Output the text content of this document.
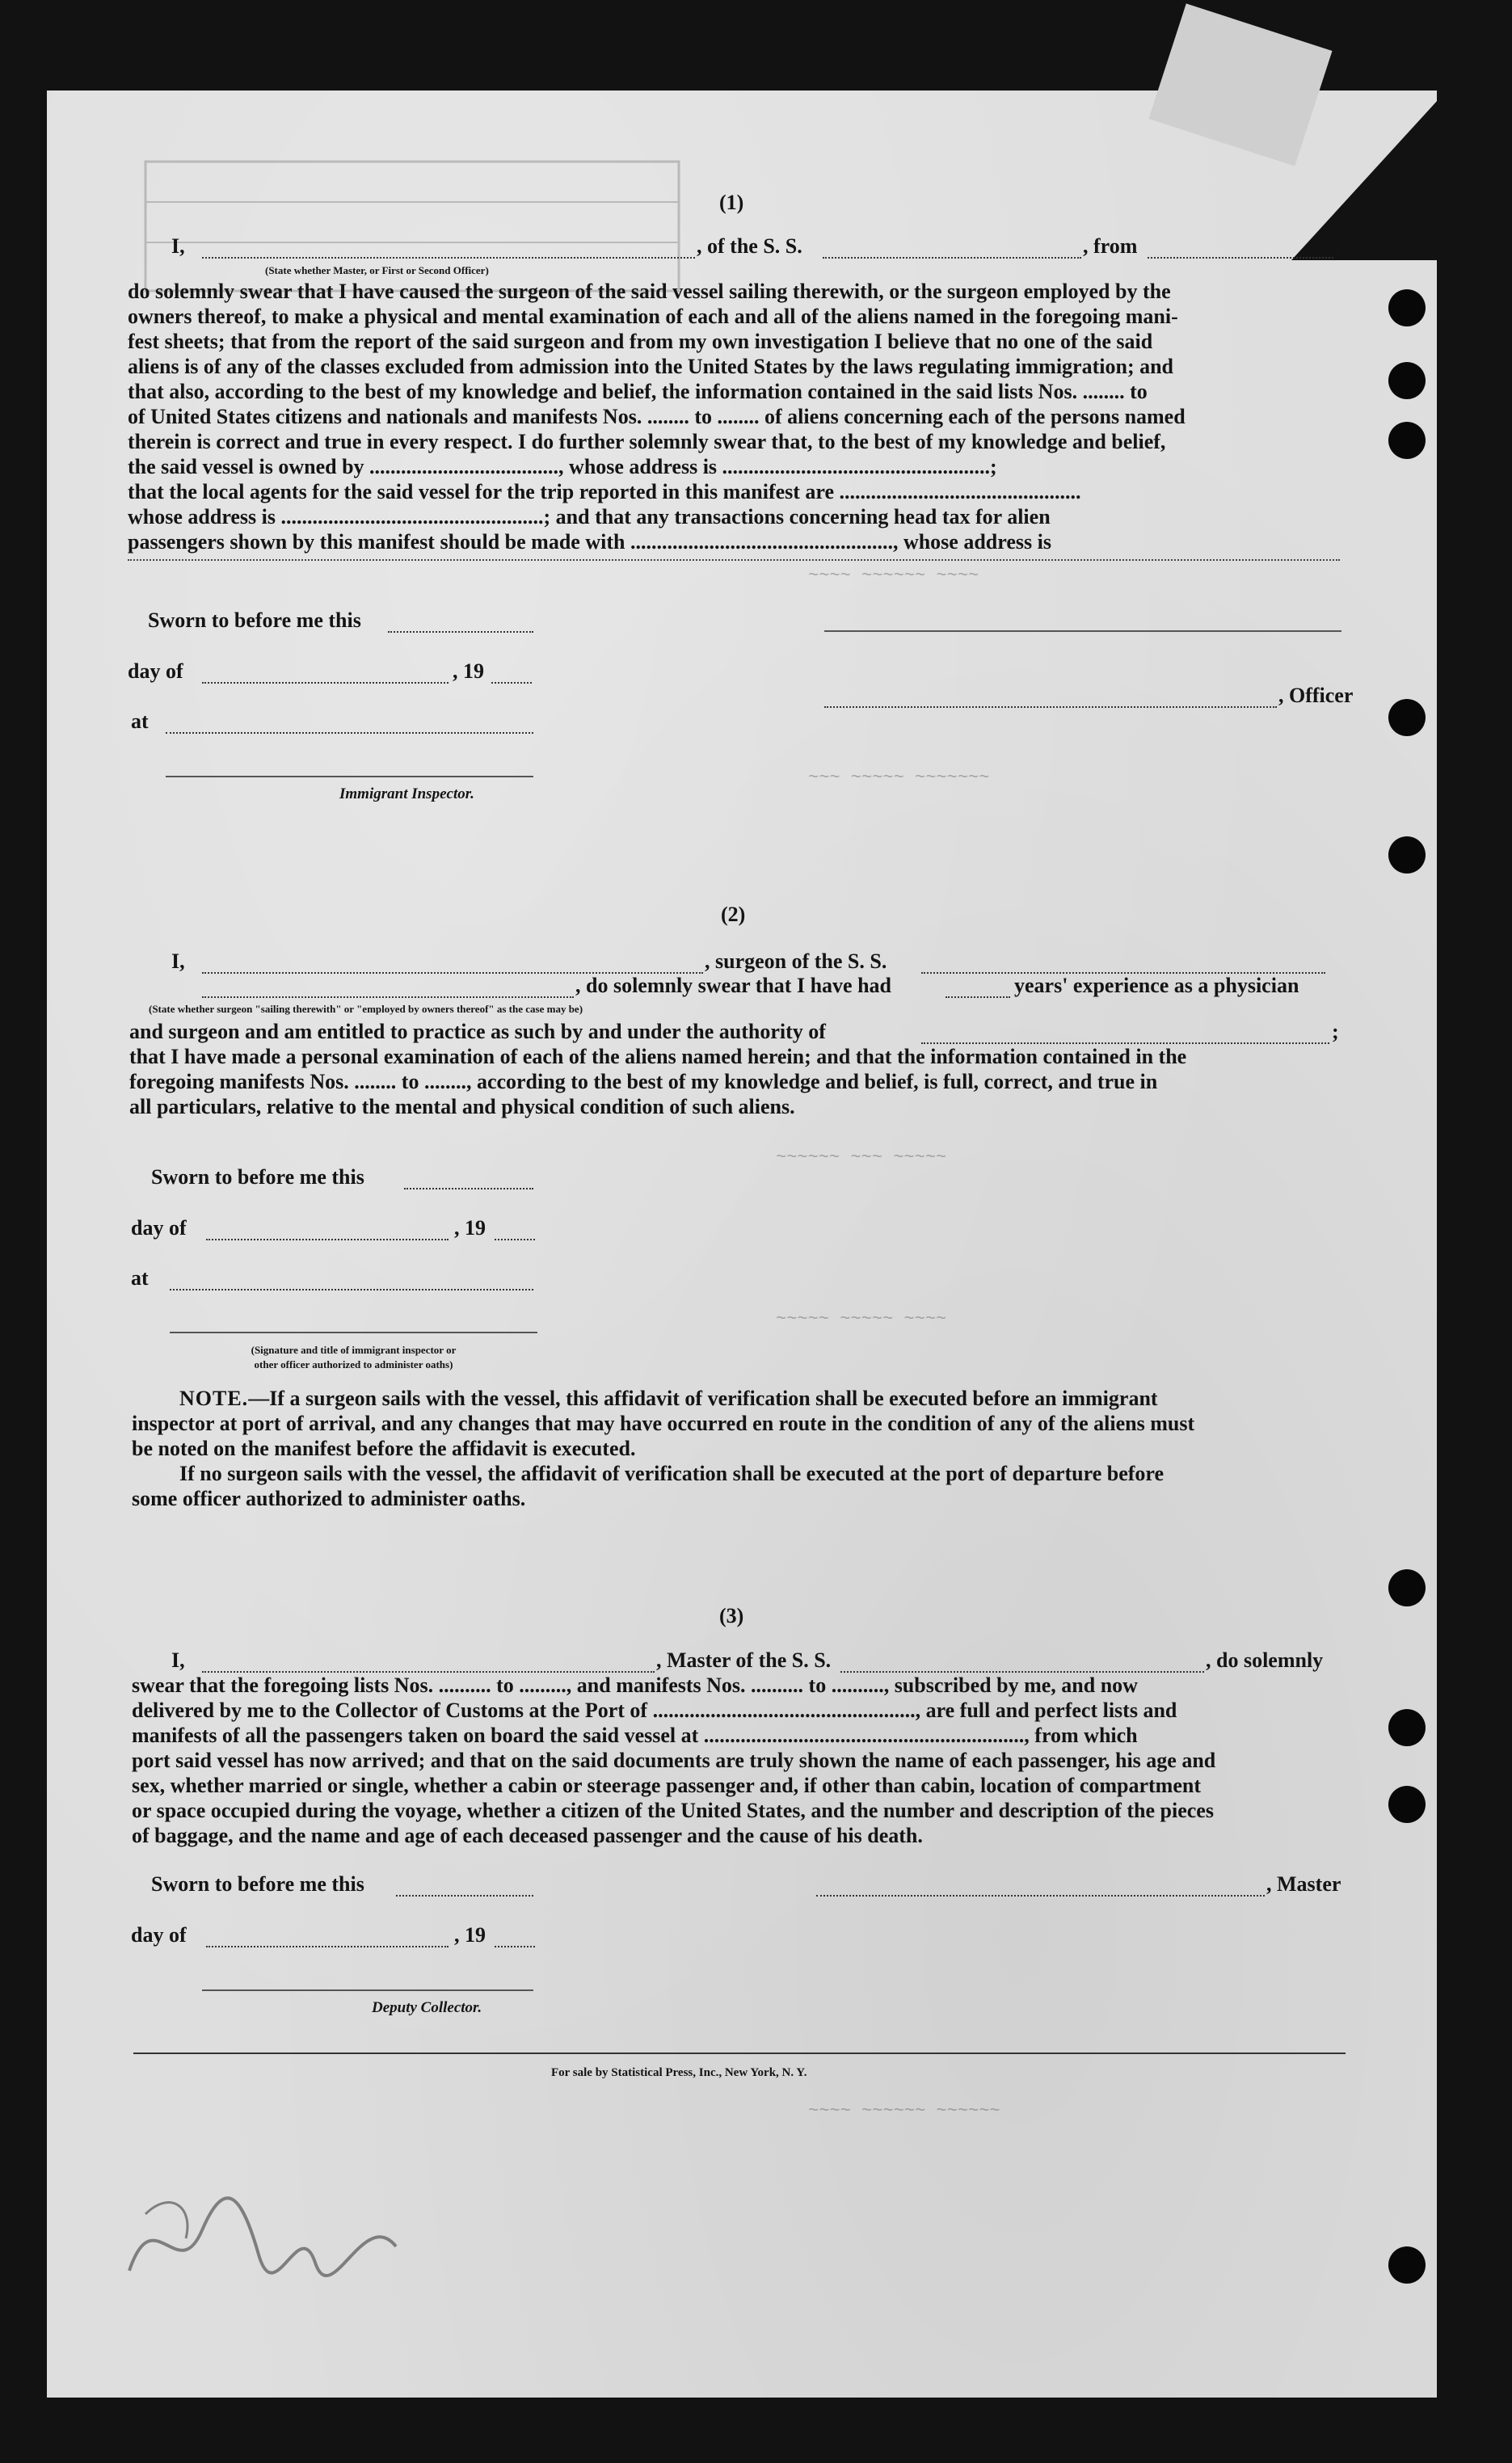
(1)
I,	, of the S. S.	, from	,
(State whether Master, or First or Second Officer)
do solemnly swear that I have caused the surgeon of the said vessel sailing therewith, or the surgeon employed by the
owners thereof, to make a physical and mental examination of each and all of the aliens named in the foregoing mani-
fest sheets; that from the report of the said surgeon and from my own investigation I believe that no one of the said
aliens is of any of the classes excluded from admission into the United States by the laws regulating immigration; and
that also, according to the best of my knowledge and belief, the information contained in the said lists Nos. ........ to
of United States citizens and nationals and manifests Nos. ........ to ........ of aliens concerning each of the persons named
therein is correct and true in every respect. I do further solemnly swear that, to the best of my knowledge and belief,
the said vessel is owned by ...................................., whose address is ...................................................;
that the local agents for the said vessel for the trip reported in this manifest are ..............................................
whose address is ..................................................; and that any transactions concerning head tax for alien
passengers shown by this manifest should be made with .................................................., whose address is
Sworn to before me this
day of	, 19
, Officer
at
Immigrant Inspector.
(2)
I,	, surgeon of the S. S.
, do solemnly swear that I have had	years' experience as a physician
(State whether surgeon "sailing therewith" or "employed by owners thereof" as the case may be)
and surgeon and am entitled to practice as such by and under the authority of	;
that I have made a personal examination of each of the aliens named herein; and that the information contained in the
foregoing manifests Nos. ........ to ........, according to the best of my knowledge and belief, is full, correct, and true in
all particulars, relative to the mental and physical condition of such aliens.
Sworn to before me this
day of	, 19
at
(Signature and title of immigrant inspector or
other officer authorized to administer oaths)
NOTE.—If a surgeon sails with the vessel, this affidavit of verification shall be executed before an immigrant
inspector at port of arrival, and any changes that may have occurred en route in the condition of any of the aliens must
be noted on the manifest before the affidavit is executed.
If no surgeon sails with the vessel, the affidavit of verification shall be executed at the port of departure before
some officer authorized to administer oaths.
(3)
I,	, Master of the S. S.	, do solemnly
swear that the foregoing lists Nos. .......... to ........., and manifests Nos. .......... to .........., subscribed by me, and now
delivered by me to the Collector of Customs at the Port of .................................................., are full and perfect lists and
manifests of all the passengers taken on board the said vessel at ............................................................., from which
port said vessel has now arrived; and that on the said documents are truly shown the name of each passenger, his age and
sex, whether married or single, whether a cabin or steerage passenger and, if other than cabin, location of compartment
or space occupied during the voyage, whether a citizen of the United States, and the number and description of the pieces
of baggage, and the name and age of each deceased passenger and the cause of his death.
Sworn to before me this	, Master
day of	, 19
Deputy Collector.
For sale by Statistical Press, Inc., New York, N. Y.
~~~~ ~~~~~~ ~~~~
~~~ ~~~~~ ~~~~~~~
~~~~~~ ~~~ ~~~~~
~~~~~ ~~~~~ ~~~~
~~~~ ~~~~~~ ~~~~~~
